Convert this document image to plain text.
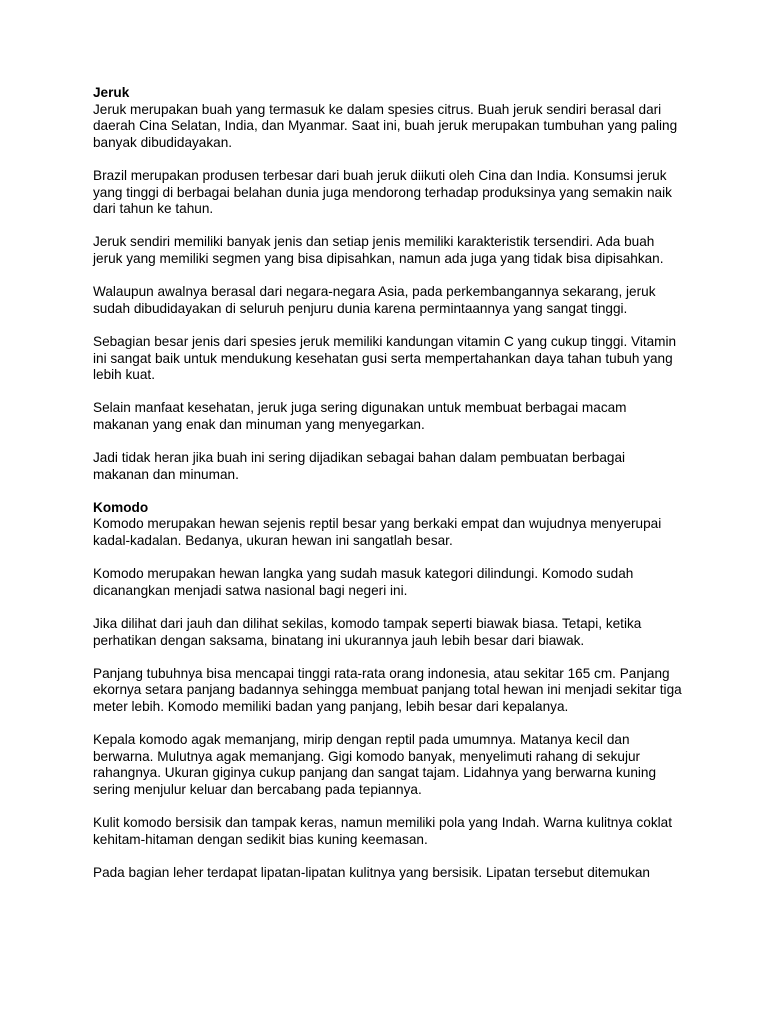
Jeruk

Jeruk merupakan buah yang termasuk ke dalam spesies citrus. Buah jeruk sendiri berasal dari daerah Cina Selatan, India, dan Myanmar. Saat ini, buah jeruk merupakan tumbuhan yang paling banyak dibudidayakan.

Brazil merupakan produsen terbesar dari buah jeruk diikuti oleh Cina dan India. Konsumsi jeruk yang tinggi di berbagai belahan dunia juga mendorong terhadap produksinya yang semakin naik dari tahun ke tahun.

Jeruk sendiri memiliki banyak jenis dan setiap jenis memiliki karakteristik tersendiri. Ada buah jeruk yang memiliki segmen yang bisa dipisahkan, namun ada juga yang tidak bisa dipisahkan.

Walaupun awalnya berasal dari negara-negara Asia, pada perkembangannya sekarang, jeruk sudah dibudidayakan di seluruh penjuru dunia karena permintaannya yang sangat tinggi.

Sebagian besar jenis dari spesies jeruk memiliki kandungan vitamin C yang cukup tinggi. Vitamin ini sangat baik untuk mendukung kesehatan gusi serta mempertahankan daya tahan tubuh yang lebih kuat.

Selain manfaat kesehatan, jeruk juga sering digunakan untuk membuat berbagai macam makanan yang enak dan minuman yang menyegarkan.

Jadi tidak heran jika buah ini sering dijadikan sebagai bahan dalam pembuatan berbagai makanan dan minuman.

Komodo

Komodo merupakan hewan sejenis reptil besar yang berkaki empat dan wujudnya menyerupai kadal-kadalan. Bedanya, ukuran hewan ini sangatlah besar.

Komodo merupakan hewan langka yang sudah masuk kategori dilindungi. Komodo sudah dicanangkan menjadi satwa nasional bagi negeri ini.

Jika dilihat dari jauh dan dilihat sekilas, komodo tampak seperti biawak biasa. Tetapi, ketika perhatikan dengan saksama, binatang ini ukurannya jauh lebih besar dari biawak.

Panjang tubuhnya bisa mencapai tinggi rata-rata orang indonesia, atau sekitar 165 cm. Panjang ekornya setara panjang badannya sehingga membuat panjang total hewan ini menjadi sekitar tiga meter lebih. Komodo memiliki badan yang panjang, lebih besar dari kepalanya.

Kepala komodo agak memanjang, mirip dengan reptil pada umumnya. Matanya kecil dan berwarna. Mulutnya agak memanjang. Gigi komodo banyak, menyelimuti rahang di sekujur rahangnya. Ukuran giginya cukup panjang dan sangat tajam. Lidahnya yang berwarna kuning sering menjulur keluar dan bercabang pada tepiannya.

Kulit komodo bersisik dan tampak keras, namun memiliki pola yang Indah. Warna kulitnya coklat kehitam-hitaman dengan sedikit bias kuning keemasan.

Pada bagian leher terdapat lipatan-lipatan kulitnya yang bersisik. Lipatan tersebut ditemukan
